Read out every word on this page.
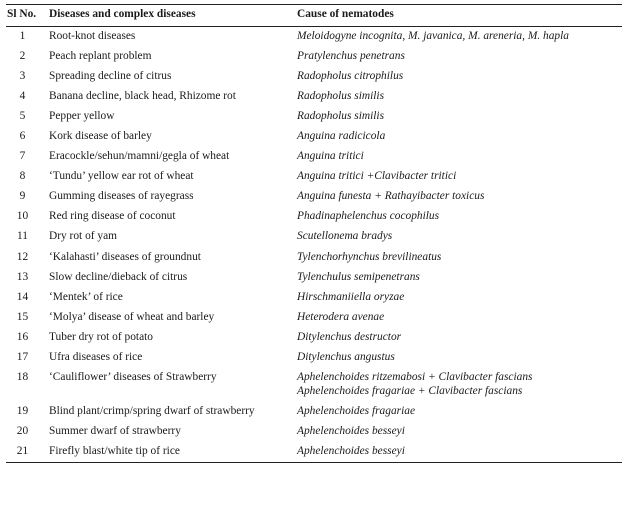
Sl No.	Diseases and complex diseases	Cause of nematodes
1	Root-knot diseases	Meloidogyne incognita, M. javanica, M. areneria, M. hapla

2	Peach replant problem	Pratylenchus penetrans

3	Spreading decline of citrus	Radopholus citrophilus

4	Banana decline, black head, Rhizome rot	Radopholus similis

5	Pepper yellow	Radopholus similis

6	Kork disease of barley	Anguina radicicola

7	Eracockle/sehun/mamni/gegla of wheat	Anguina tritici

8	‘Tundu’ yellow ear rot of wheat	Anguina tritici +Clavibacter tritici

9	Gumming diseases of rayegrass	Anguina funesta + Rathayibacter toxicus

10	Red ring disease of coconut	Phadinaphelenchus cocophilus

11	Dry rot of yam	Scutellonema bradys

12	‘Kalahasti’ diseases of groundnut	Tylenchorhynchus brevilineatus

13	Slow decline/dieback of citrus	Tylenchulus semipenetrans

14	‘Mentek’ of rice	Hirschmaniiella oryzae

15	‘Molya’ disease of wheat and barley	Heterodera avenae

16	Tuber dry rot of potato	Ditylenchus destructor

17	Ufra diseases of rice	Ditylenchus angustus

18	‘Cauliflower’ diseases of Strawberry	Aphelenchoides ritzemabosi + Clavibacter fascians
Aphelenchoides fragariae + Clavibacter fascians

19	Blind plant/crimp/spring dwarf of strawberry	Aphelenchoides fragariae

20	Summer dwarf of strawberry	Aphelenchoides besseyi

21	Firefly blast/white tip of rice	Aphelenchoides besseyi
